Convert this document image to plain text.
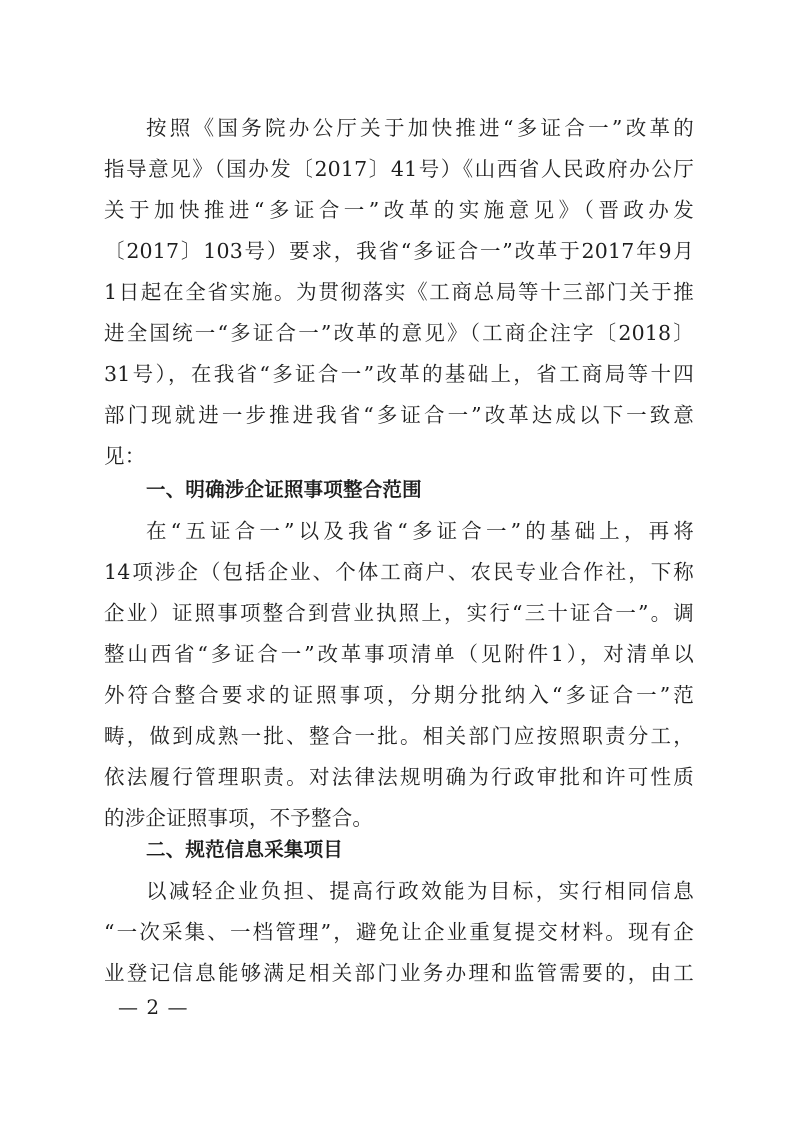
按照《国务院办公厅关于加快推进“多证合一”改革的
指导意见》（国办发〔2017〕41号）《山西省人民政府办公厅
关于加快推进“多证合一”改革的实施意见》（晋政办发
〔2017〕103号）要求，我省“多证合一”改革于2017年9月
1日起在全省实施。为贯彻落实《工商总局等十三部门关于推
进全国统一“多证合一”改革的意见》（工商企注字〔2018〕
31号），在我省“多证合一”改革的基础上，省工商局等十四
部门现就进一步推进我省“多证合一”改革达成以下一致意
见：
一、明确涉企证照事项整合范围
在“五证合一”以及我省“多证合一”的基础上，再将
14项涉企（包括企业、个体工商户、农民专业合作社，下称
企业）证照事项整合到营业执照上，实行“三十证合一”。调
整山西省“多证合一”改革事项清单（见附件1），对清单以
外符合整合要求的证照事项，分期分批纳入“多证合一”范
畴，做到成熟一批、整合一批。相关部门应按照职责分工，
依法履行管理职责。对法律法规明确为行政审批和许可性质
的涉企证照事项，不予整合。
二、规范信息采集项目
以减轻企业负担、提高行政效能为目标，实行相同信息
“一次采集、一档管理”，避免让企业重复提交材料。现有企
业登记信息能够满足相关部门业务办理和监管需要的，由工
— 2 —
